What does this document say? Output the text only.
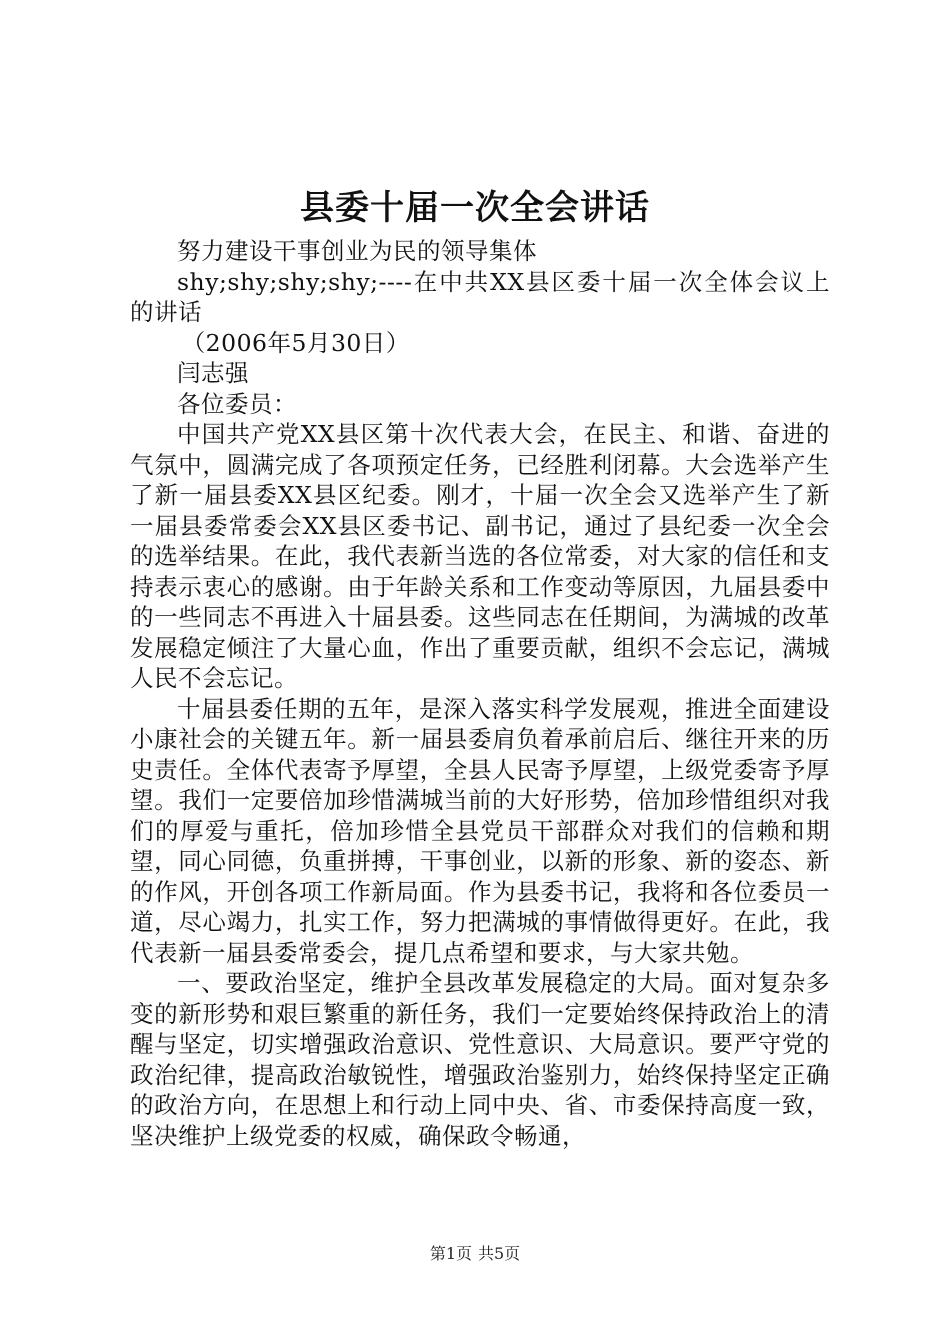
县委十届一次全会讲话

努力建设干事创业为民的领导集体

shy;shy;shy;shy;----在中共XX县区委十届一次全体会议上的讲话

（2006年5月30日）

闫志强

各位委员：

中国共产党XX县区第十次代表大会，在民主、和谐、奋进的气氛中，圆满完成了各项预定任务，已经胜利闭幕。大会选举产生了新一届县委XX县区纪委。刚才，十届一次全会又选举产生了新一届县委常委会XX县区委书记、副书记，通过了县纪委一次全会的选举结果。在此，我代表新当选的各位常委，对大家的信任和支持表示衷心的感谢。由于年龄关系和工作变动等原因，九届县委中的一些同志不再进入十届县委。这些同志在任期间，为满城的改革发展稳定倾注了大量心血，作出了重要贡献，组织不会忘记，满城人民不会忘记。

十届县委任期的五年，是深入落实科学发展观，推进全面建设小康社会的关键五年。新一届县委肩负着承前启后、继往开来的历史责任。全体代表寄予厚望，全县人民寄予厚望，上级党委寄予厚望。我们一定要倍加珍惜满城当前的大好形势，倍加珍惜组织对我们的厚爱与重托，倍加珍惜全县党员干部群众对我们的信赖和期望，同心同德，负重拼搏，干事创业，以新的形象、新的姿态、新的作风，开创各项工作新局面。作为县委书记，我将和各位委员一道，尽心竭力，扎实工作，努力把满城的事情做得更好。在此，我代表新一届县委常委会，提几点希望和要求，与大家共勉。

一、要政治坚定，维护全县改革发展稳定的大局。面对复杂多变的新形势和艰巨繁重的新任务，我们一定要始终保持政治上的清醒与坚定，切实增强政治意识、党性意识、大局意识。要严守党的政治纪律，提高政治敏锐性，增强政治鉴别力，始终保持坚定正确的政治方向，在思想上和行动上同中央、省、市委保持高度一致，坚决维护上级党委的权威，确保政令畅通，

第1页 共5页
